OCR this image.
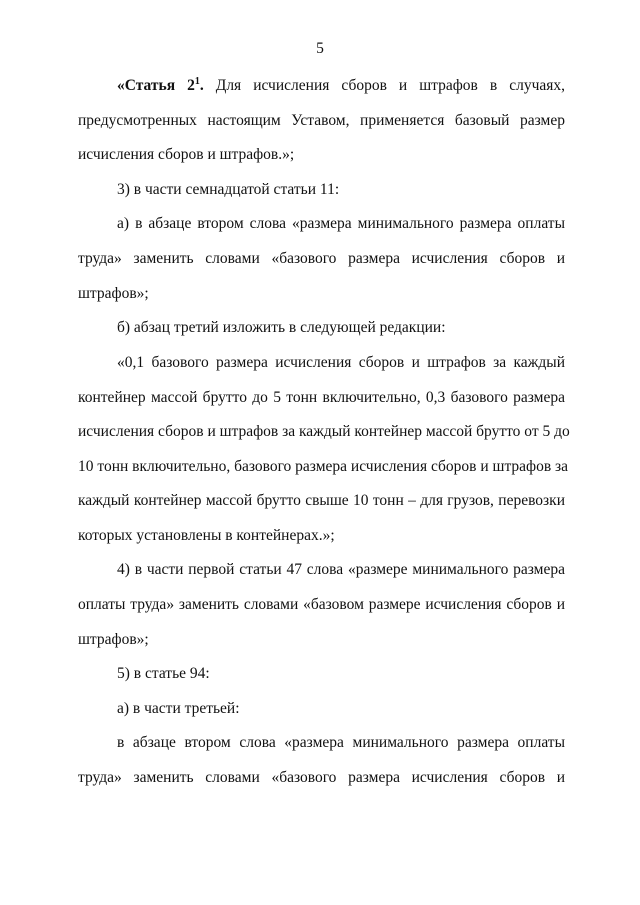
5
«Статья $2^1$. Для исчисления сборов и штрафов в случаях,
предусмотренных настоящим Уставом, применяется базовый размер
исчисления сборов и штрафов.»;
3) в части семнадцатой статьи 11:
а) в абзаце втором слова «размера минимального размера оплаты
труда» заменить словами «базового размера исчисления сборов и
штрафов»;
б) абзац третий изложить в следующей редакции:
«0,1 базового размера исчисления сборов и штрафов за каждый
контейнер массой брутто до 5 тонн включительно, 0,3 базового размера
исчисления сборов и штрафов за каждый контейнер массой брутто от 5 до
10 тонн включительно, базового размера исчисления сборов и штрафов за
каждый контейнер массой брутто свыше 10 тонн – для грузов, перевозки
которых установлены в контейнерах.»;
4) в части первой статьи 47 слова «размере минимального размера
оплаты труда» заменить словами «базовом размере исчисления сборов и
штрафов»;
5) в статье 94:
а) в части третьей:
в абзаце втором слова «размера минимального размера оплаты
труда» заменить словами «базового размера исчисления сборов и
